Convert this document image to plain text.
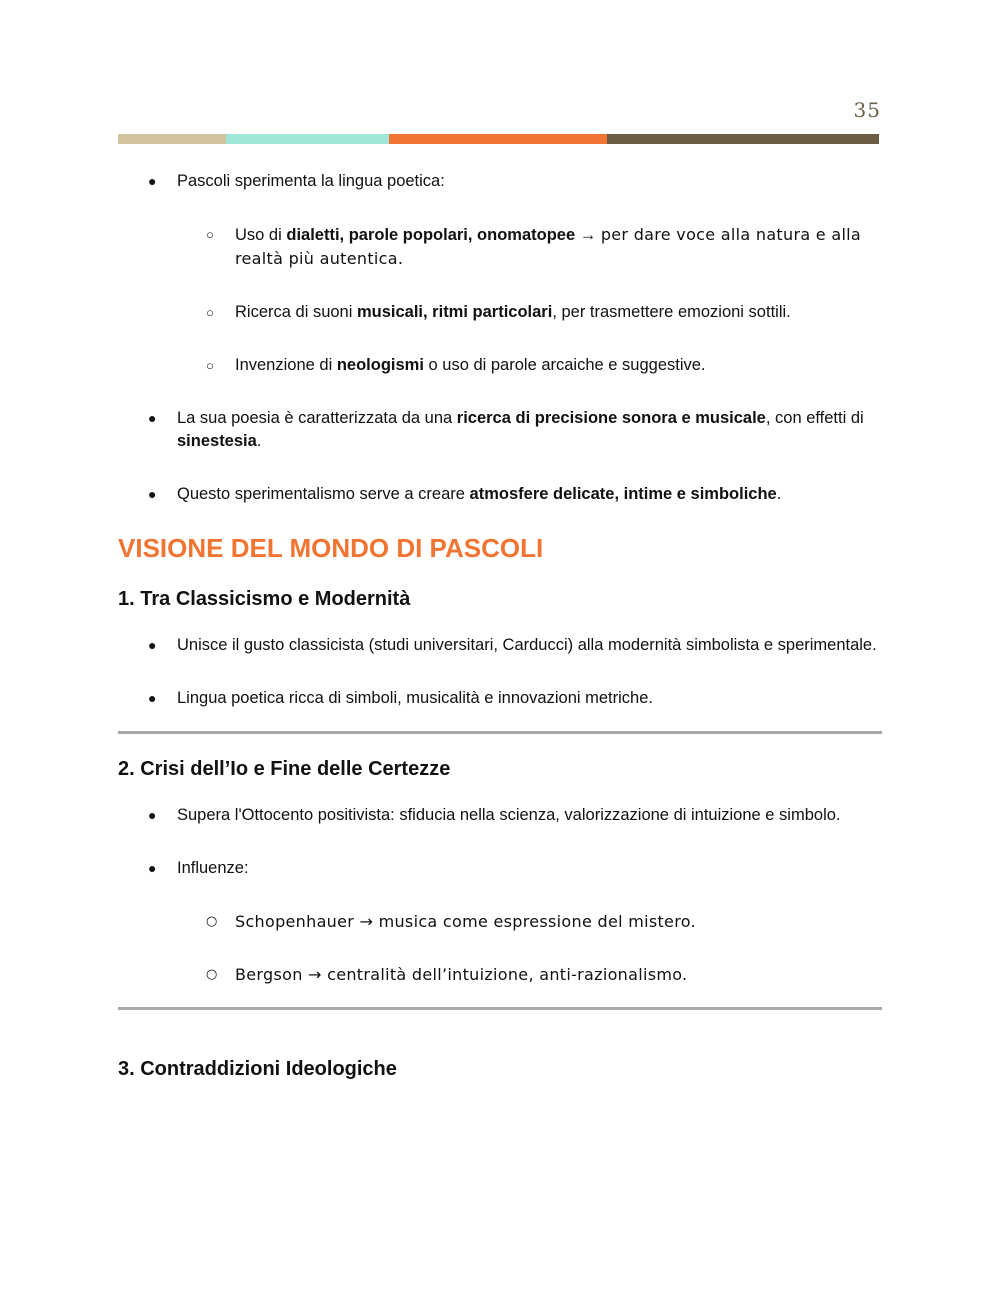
35
● Pascoli sperimenta la lingua poetica:
○ Uso di dialetti, parole popolari, onomatopee → per dare voce alla natura e alla realtà più autentica.
○ Ricerca di suoni musicali, ritmi particolari, per trasmettere emozioni sottili.
○ Invenzione di neologismi o uso di parole arcaiche e suggestive.
● La sua poesia è caratterizzata da una ricerca di precisione sonora e musicale, con effetti di sinestesia.
● Questo sperimentalismo serve a creare atmosfere delicate, intime e simboliche.
VISIONE DEL MONDO DI PASCOLI
1. Tra Classicismo e Modernità
● Unisce il gusto classicista (studi universitari, Carducci) alla modernità simbolista e sperimentale.
● Lingua poetica ricca di simboli, musicalità e innovazioni metriche.
2. Crisi dell’Io e Fine delle Certezze
● Supera l'Ottocento positivista: sfiducia nella scienza, valorizzazione di intuizione e simbolo.
● Influenze:
○ Schopenhauer → musica come espressione del mistero.
○ Bergson → centralità dell’intuizione, anti-razionalismo.
3. Contraddizioni Ideologiche
